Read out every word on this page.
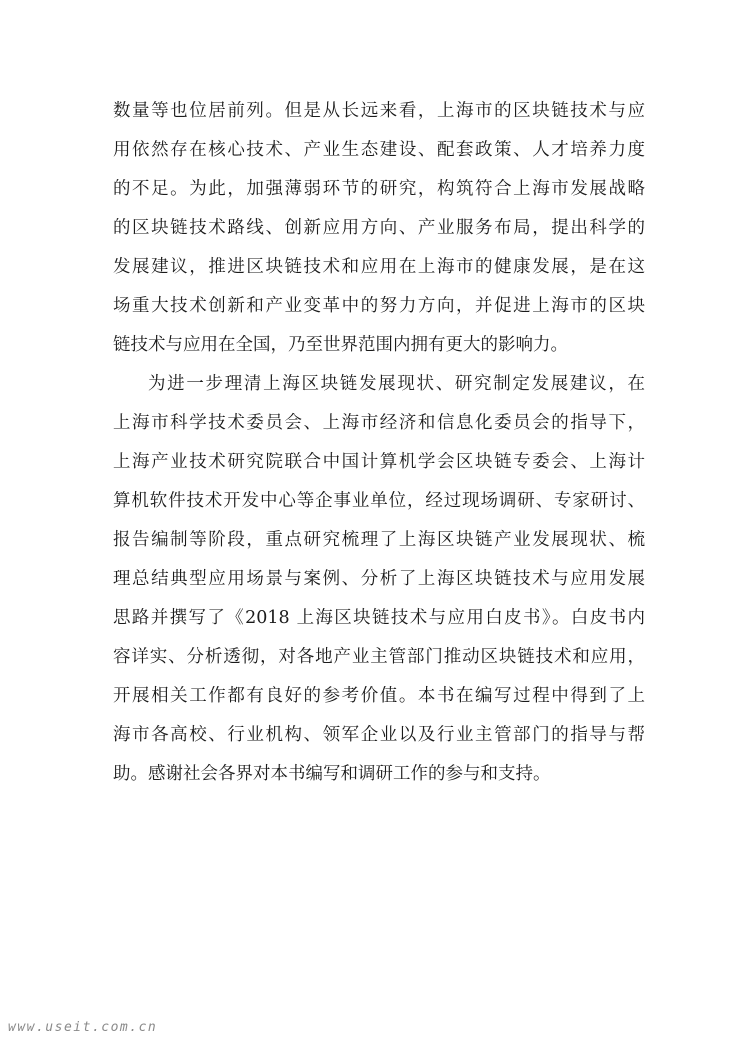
数量等也位居前列。但是从长远来看，上海市的区块链技术与应
用依然存在核心技术、产业生态建设、配套政策、人才培养力度
的不足。为此，加强薄弱环节的研究，构筑符合上海市发展战略
的区块链技术路线、创新应用方向、产业服务布局，提出科学的
发展建议，推进区块链技术和应用在上海市的健康发展，是在这
场重大技术创新和产业变革中的努力方向，并促进上海市的区块
链技术与应用在全国，乃至世界范围内拥有更大的影响力。
为进一步理清上海区块链发展现状、研究制定发展建议，在
上海市科学技术委员会、上海市经济和信息化委员会的指导下，
上海产业技术研究院联合中国计算机学会区块链专委会、上海计
算机软件技术开发中心等企事业单位，经过现场调研、专家研讨、
报告编制等阶段，重点研究梳理了上海区块链产业发展现状、梳
理总结典型应用场景与案例、分析了上海区块链技术与应用发展
思路并撰写了《2018 上海区块链技术与应用白皮书》。白皮书内
容详实、分析透彻，对各地产业主管部门推动区块链技术和应用，
开展相关工作都有良好的参考价值。本书在编写过程中得到了上
海市各高校、行业机构、领军企业以及行业主管部门的指导与帮
助。感谢社会各界对本书编写和调研工作的参与和支持。
www.useit.com.cn
